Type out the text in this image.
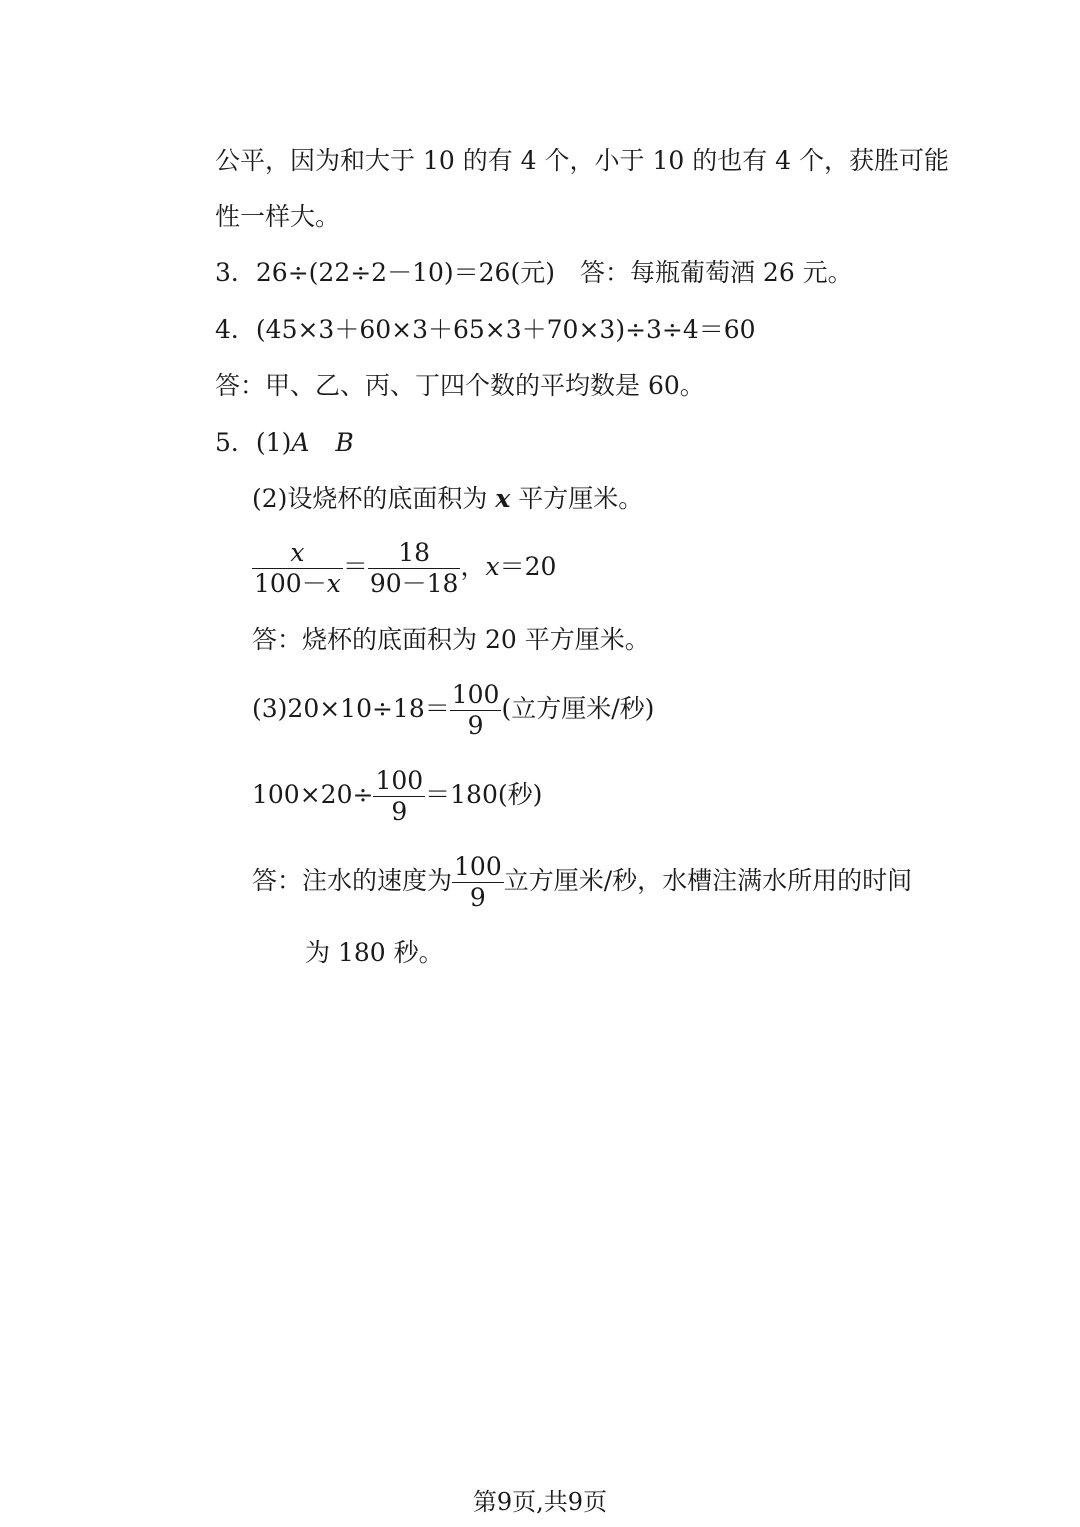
公平，因为和大于 10 的有 4 个，小于 10 的也有 4 个，获胜可能
性一样大。
3．26÷(22÷2－10)＝26(元)　答：每瓶葡萄酒 26 元。
4．(45×3＋60×3＋65×3＋70×3)÷3÷4＝60
答：甲、乙、丙、丁四个数的平均数是 60。
5．(1)A B
(2)设烧杯的底面积为 x 平方厘米。
$\frac{x}{100-x} = \frac{18}{90-18}$ ，x＝20
答：烧杯的底面积为 20 平方厘米。
$(3)20\times 10\div 18= \frac{100}{9}$ (立方厘米/秒)
$100\times 20\div \frac{100}{9} =180$(秒)
答：注水的速度为 $\frac{100}{9}$ 立方厘米/秒，水槽注满水所用的时间
为 180 秒。
第9页,共9页
